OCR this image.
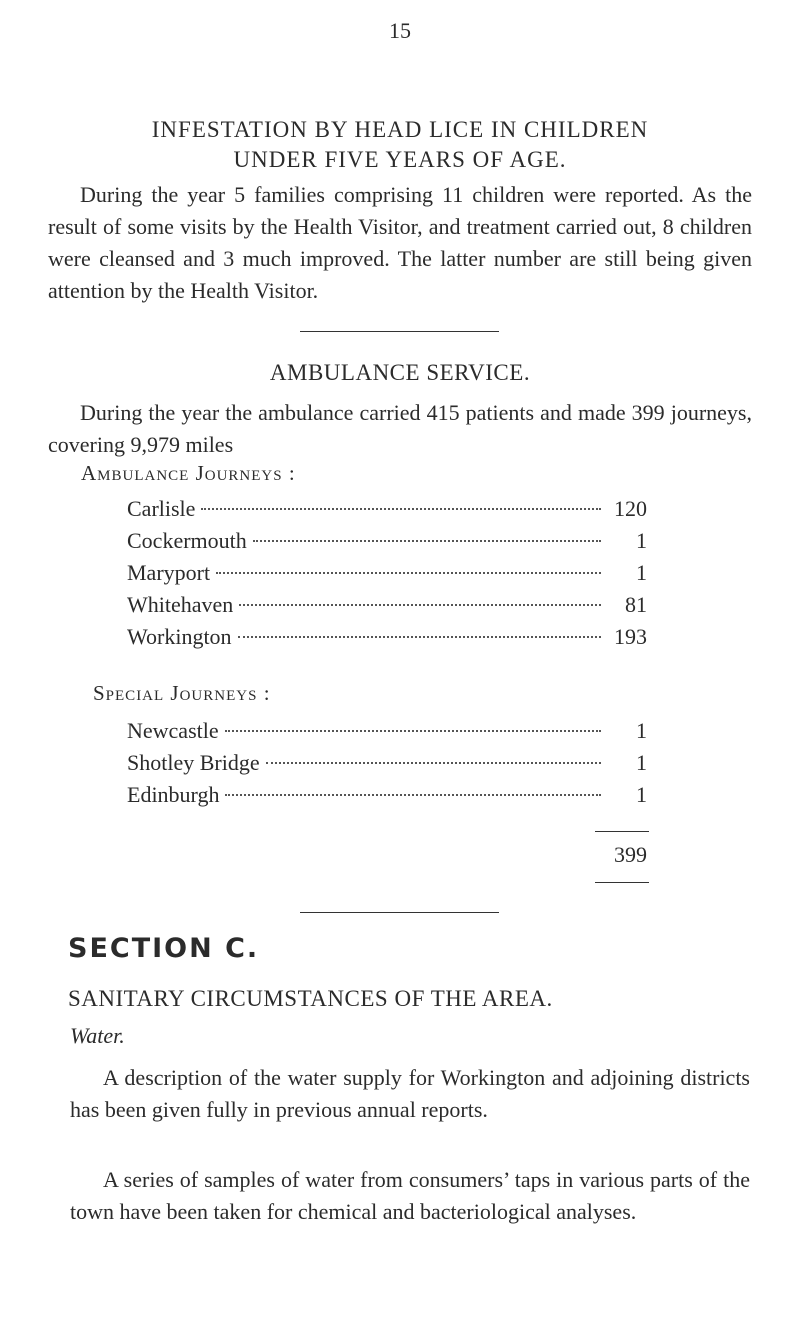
15
INFESTATION BY HEAD LICE IN CHILDREN
UNDER FIVE YEARS OF AGE.
During the year 5 families comprising 11 children were reported. As the result of some visits by the Health Visitor, and treatment carried out, 8 children were cleansed and 3 much improved. The latter number are still being given attention by the Health Visitor.
AMBULANCE SERVICE.
During the year the ambulance carried 415 patients and made 399 journeys, covering 9,979 miles
Ambulance Journeys :
Carlisle	120
Cockermouth	1
Maryport	1
Whitehaven	81
Workington	193
Special Journeys :
Newcastle	1
Shotley Bridge	1
Edinburgh	1
399
SECTION C.
SANITARY CIRCUMSTANCES OF THE AREA.
Water.
A description of the water supply for Workington and adjoining districts has been given fully in previous annual reports.
A series of samples of water from consumers’ taps in various parts of the town have been taken for chemical and bacteriological analyses.
